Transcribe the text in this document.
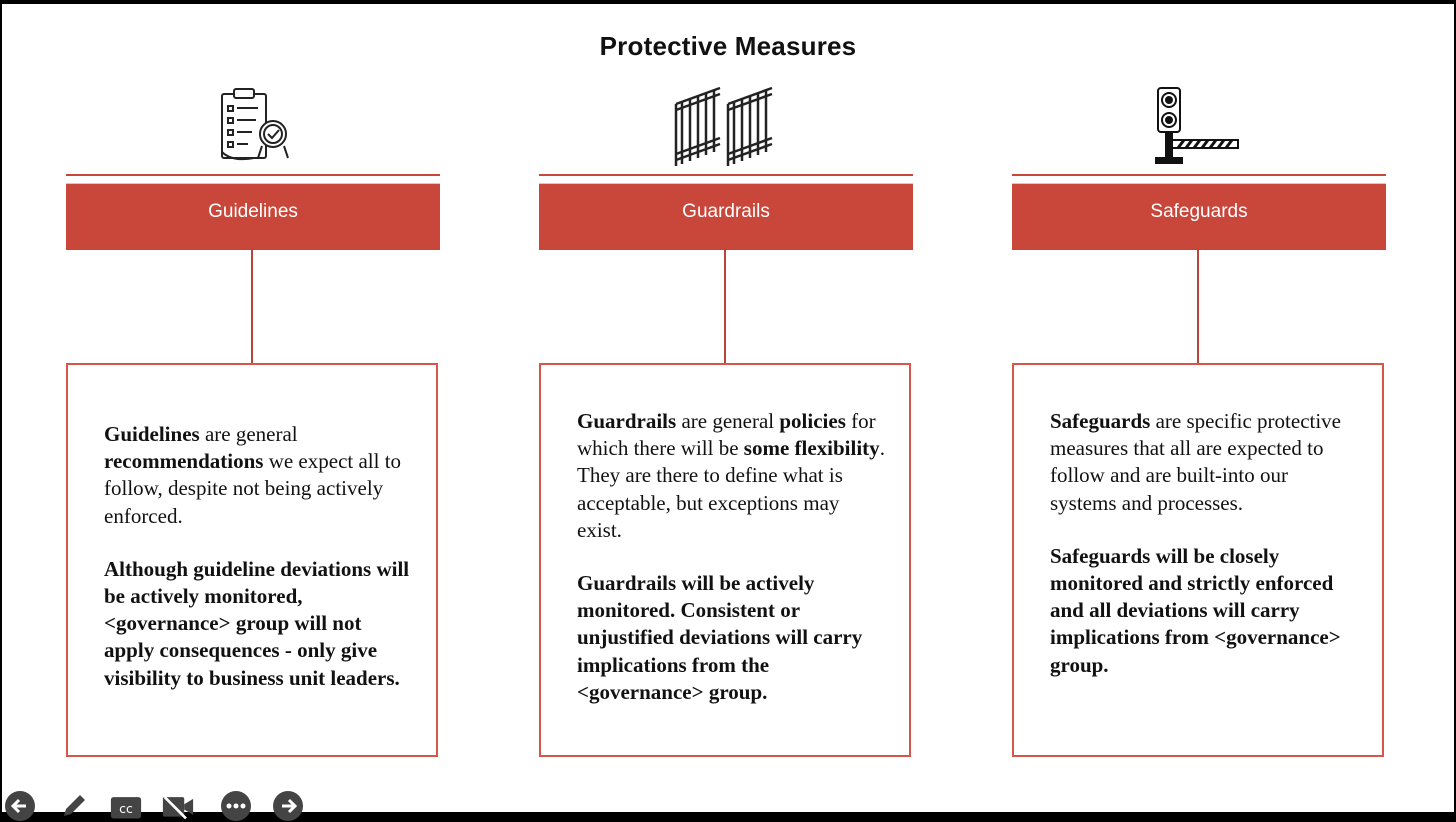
Protective Measures
Guidelines

Guidelines are general recommendations we expect all to follow, despite not being actively enforced.

Although guideline deviations will be actively monitored, <governance> group will not apply consequences - only give visibility to business unit leaders.

Guardrails

Guardrails are general policies for which there will be some flexibility. They are there to define what is acceptable, but exceptions may exist.

Guardrails will be actively monitored. Consistent or unjustified deviations will carry implications from the <governance> group.

Safeguards

Safeguards are specific protective measures that all are expected to follow and are built-into our systems and processes.

Safeguards will be closely monitored and strictly enforced and all deviations will carry implications from <governance> group.

cc
